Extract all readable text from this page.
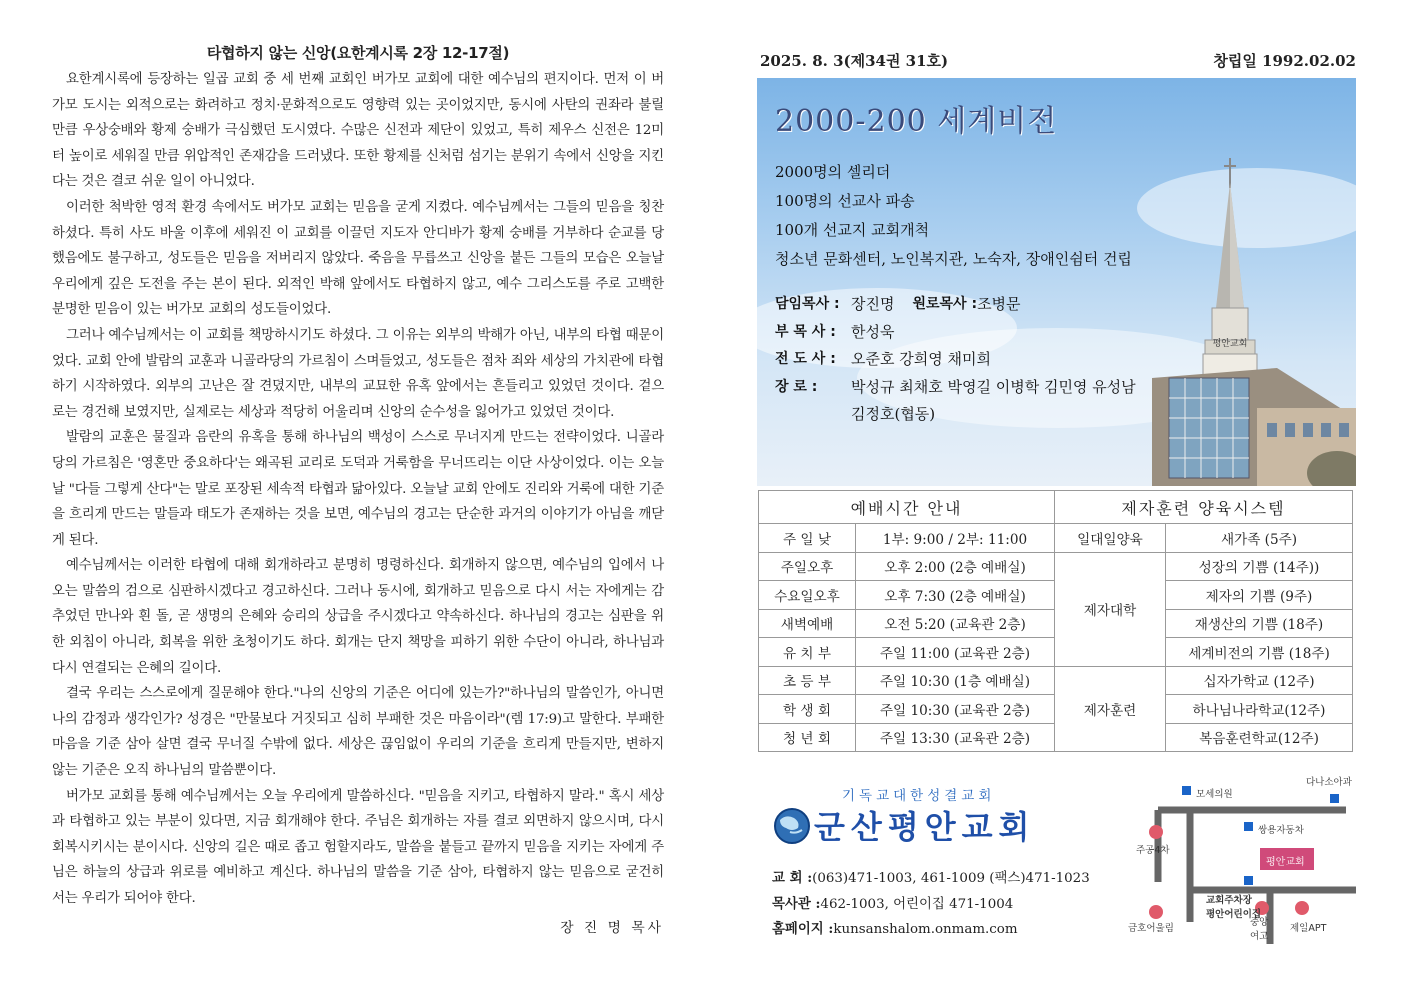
타협하지 않는 신앙(요한계시록 2장 12-17절)

요한계시록에 등장하는 일곱 교회 중 세 번째 교회인 버가모 교회에 대한 예수님의 편지이다. 먼저 이 버가모 도시는 외적으로는 화려하고 정치·문화적으로도 영향력 있는 곳이었지만, 동시에 사탄의 권좌라 불릴 만큼 우상숭배와 황제 숭배가 극심했던 도시였다. 수많은 신전과 제단이 있었고, 특히 제우스 신전은 12미터 높이로 세워질 만큼 위압적인 존재감을 드러냈다. 또한 황제를 신처럼 섬기는 분위기 속에서 신앙을 지킨다는 것은 결코 쉬운 일이 아니었다.

이러한 척박한 영적 환경 속에서도 버가모 교회는 믿음을 굳게 지켰다. 예수님께서는 그들의 믿음을 칭찬하셨다. 특히 사도 바울 이후에 세워진 이 교회를 이끌던 지도자 안디바가 황제 숭배를 거부하다 순교를 당했음에도 불구하고, 성도들은 믿음을 저버리지 않았다. 죽음을 무릅쓰고 신앙을 붙든 그들의 모습은 오늘날 우리에게 깊은 도전을 주는 본이 된다. 외적인 박해 앞에서도 타협하지 않고, 예수 그리스도를 주로 고백한 분명한 믿음이 있는 버가모 교회의 성도들이었다.

그러나 예수님께서는 이 교회를 책망하시기도 하셨다. 그 이유는 외부의 박해가 아닌, 내부의 타협 때문이었다. 교회 안에 발람의 교훈과 니골라당의 가르침이 스며들었고, 성도들은 점차 죄와 세상의 가치관에 타협하기 시작하였다. 외부의 고난은 잘 견뎠지만, 내부의 교묘한 유혹 앞에서는 흔들리고 있었던 것이다. 겉으로는 경건해 보였지만, 실제로는 세상과 적당히 어울리며 신앙의 순수성을 잃어가고 있었던 것이다.

발람의 교훈은 물질과 음란의 유혹을 통해 하나님의 백성이 스스로 무너지게 만드는 전략이었다. 니골라당의 가르침은 '영혼만 중요하다'는 왜곡된 교리로 도덕과 거룩함을 무너뜨리는 이단 사상이었다. 이는 오늘날 "다들 그렇게 산다"는 말로 포장된 세속적 타협과 닮아있다. 오늘날 교회 안에도 진리와 거룩에 대한 기준을 흐리게 만드는 말들과 태도가 존재하는 것을 보면, 예수님의 경고는 단순한 과거의 이야기가 아님을 깨닫게 된다.

예수님께서는 이러한 타협에 대해 회개하라고 분명히 명령하신다. 회개하지 않으면, 예수님의 입에서 나오는 말씀의 검으로 심판하시겠다고 경고하신다. 그러나 동시에, 회개하고 믿음으로 다시 서는 자에게는 감추었던 만나와 흰 돌, 곧 생명의 은혜와 승리의 상급을 주시겠다고 약속하신다. 하나님의 경고는 심판을 위한 외침이 아니라, 회복을 위한 초청이기도 하다. 회개는 단지 책망을 피하기 위한 수단이 아니라, 하나님과 다시 연결되는 은혜의 길이다.

결국 우리는 스스로에게 질문해야 한다."나의 신앙의 기준은 어디에 있는가?"하나님의 말씀인가, 아니면 나의 감정과 생각인가? 성경은 "만물보다 거짓되고 심히 부패한 것은 마음이라"(렘 17:9)고 말한다. 부패한 마음을 기준 삼아 살면 결국 무너질 수밖에 없다. 세상은 끊임없이 우리의 기준을 흐리게 만들지만, 변하지 않는 기준은 오직 하나님의 말씀뿐이다.

버가모 교회를 통해 예수님께서는 오늘 우리에게 말씀하신다. "믿음을 지키고, 타협하지 말라." 혹시 세상과 타협하고 있는 부분이 있다면, 지금 회개해야 한다. 주님은 회개하는 자를 결코 외면하지 않으시며, 다시 회복시키시는 분이시다. 신앙의 길은 때로 좁고 험할지라도, 말씀을 붙들고 끝까지 믿음을 지키는 자에게 주님은 하늘의 상급과 위로를 예비하고 계신다. 하나님의 말씀을 기준 삼아, 타협하지 않는 믿음으로 굳건히 서는 우리가 되어야 한다.

장 진 명 목사
2025. 8. 3(제34권 31호)	창립일 1992.02.02
평안교회
2000-200 세계비전
2000명의 셀리더
100명의 선교사 파송
100개 선교지 교회개척
청소년 문화센터, 노인복지관, 노숙자, 장애인쉼터 건립
담임목사 : 장진명 원로목사 : 조병문
부 목 사 :	한성욱
전 도 사 :	오준호 강희영 채미희
장 로 :	박성규 최채호 박영길 이병학 김민영 유성남
김정호(협동)
예배시간 안내		제자훈련 양육시스템	
주 일 낮	1부: 9:00 / 2부: 11:00	일대일양육	새가족 (5주)
주일오후	오후 2:00 (2층 예배실)	제자대학	성장의 기쁨 (14주))
수요일오후	오후 7:30 (2층 예배실)		제자의 기쁨 (9주)
새벽예배	오전 5:20 (교육관 2층)		재생산의 기쁨 (18주)
유 치 부	주일 11:00 (교육관 2층)		세계비전의 기쁨 (18주)
초 등 부	주일 10:30 (1층 예배실)	제자훈련	십자가학교 (12주)
학 생 회	주일 10:30 (교육관 2층)		하나님나라학교(12주)
청 년 회	주일 13:30 (교육관 2층)		복음훈련학교(12주)
기독교대한성결교회
군산평안교회
교 회 :(063)471-1003, 461-1009 (팩스)471-1023
목사관 :462-1003, 어린이집 471-1004
홈페이지 :kunsanshalom.onmam.com
다나소아과
모세의원
쌍용자동차
주공4차
평안교회
교회주차장
평안어린이집
중앙여고
제일APT
금호어울림
